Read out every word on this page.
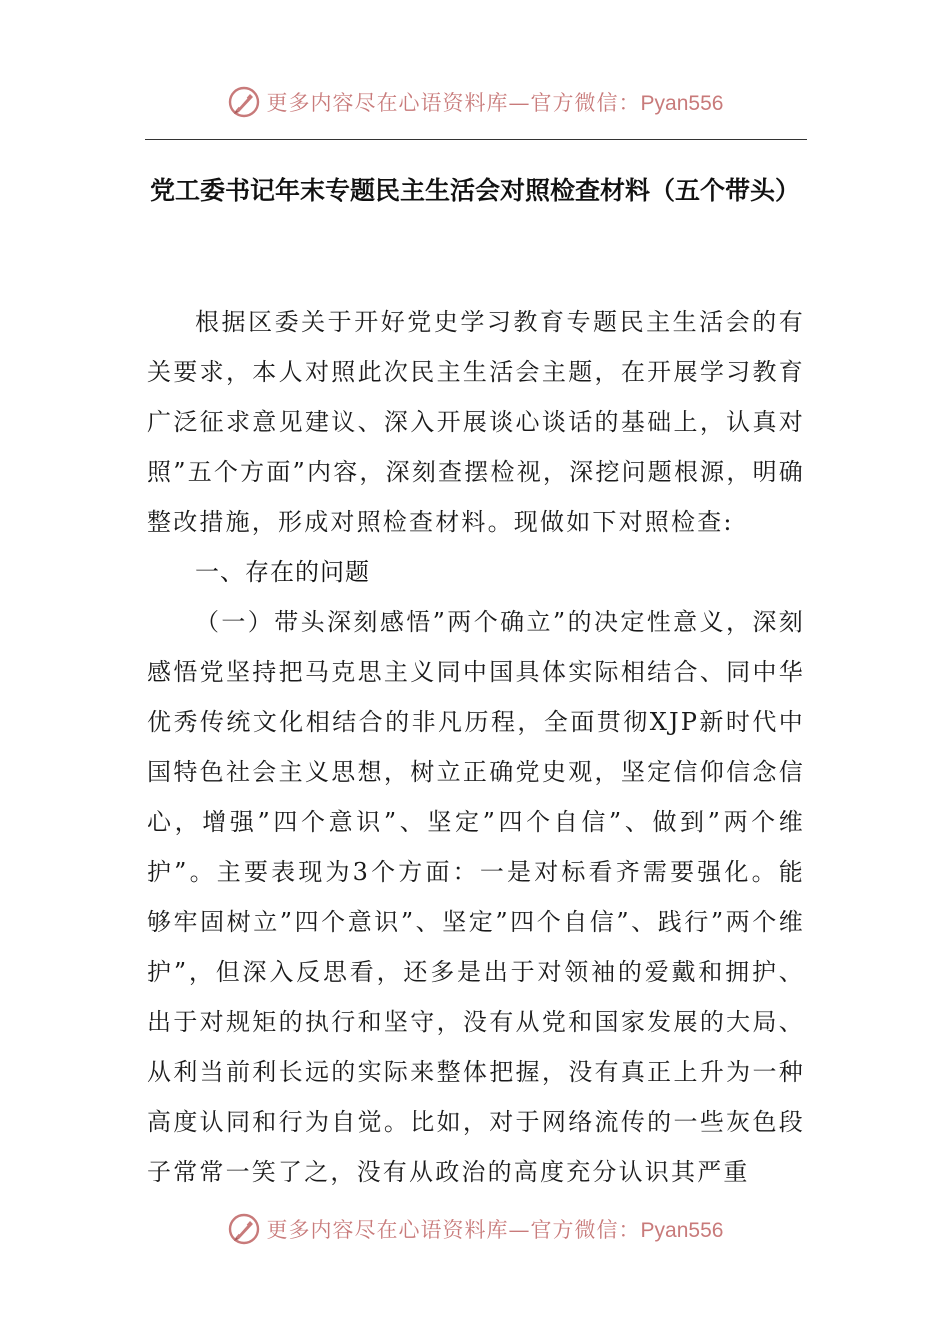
更多内容尽在心语资料库—官方微信：Pyan556
党工委书记年末专题民主生活会对照检查材料（五个带头）

根据区委关于开好党史学习教育专题民主生活会的有关要求，本人对照此次民主生活会主题，在开展学习教育广泛征求意见建议、深入开展谈心谈话的基础上，认真对照”五个方面”内容，深刻查摆检视，深挖问题根源，明确整改措施，形成对照检查材料。现做如下对照检查:

一、存在的问题

（一）带头深刻感悟”两个确立”的决定性意义，深刻感悟党坚持把马克思主义同中国具体实际相结合、同中华优秀传统文化相结合的非凡历程，全面贯彻XJP新时代中国特色社会主义思想，树立正确党史观，坚定信仰信念信心，增强”四个意识”、坚定”四个自信”、做到”两个维护”。主要表现为3个方面：一是对标看齐需要强化。能够牢固树立”四个意识”、坚定”四个自信”、践行”两个维护”，但深入反思看，还多是出于对领袖的爱戴和拥护、出于对规矩的执行和坚守，没有从党和国家发展的大局、从利当前利长远的实际来整体把握，没有真正上升为一种高度认同和行为自觉。比如，对于网络流传的一些灰色段子常常一笑了之，没有从政治的高度充分认识其严重

更多内容尽在心语资料库—官方微信：Pyan556
